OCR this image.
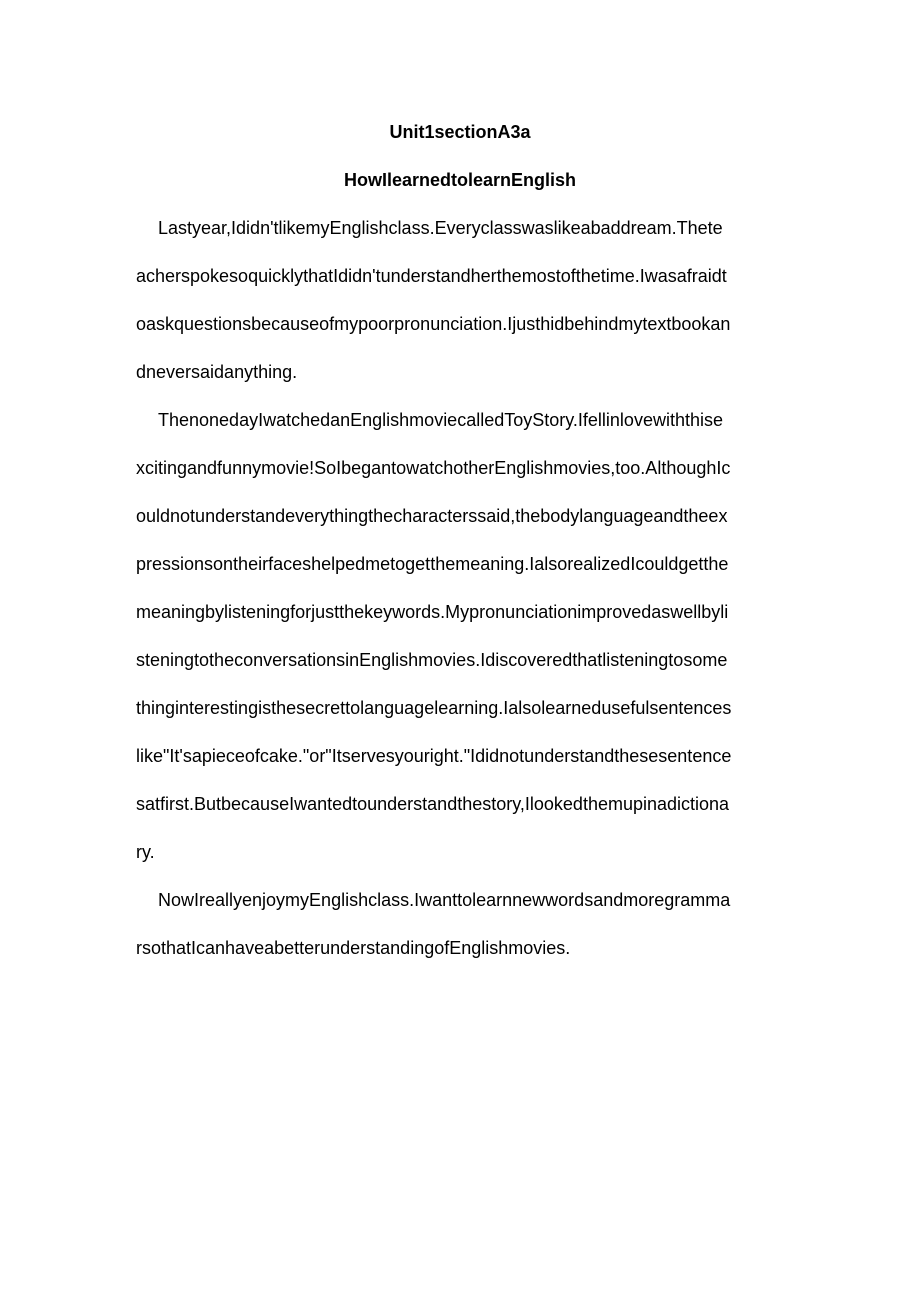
Unit1sectionA3a
HowIlearnedtolearnEnglish
Lastyear,Ididn'tlikemyEnglishclass.Everyclasswaslikeabaddream.Thete
acherspokesoquicklythatIdidn'tunderstandherthemostofthetime.Iwasafraidt
oaskquestionsbecauseofmypoorpronunciation.Ijusthidbehindmytextbookan
dneversaidanything.
ThenonedayIwatchedanEnglishmoviecalledToyStory.Ifellinlovewiththise
xcitingandfunnymovie!SoIbegantowatchotherEnglishmovies,too.AlthoughIc
ouldnotunderstandeverythingthecharacterssaid,thebodylanguageandtheex
pressionsontheirfaceshelpedmetogetthemeaning.IalsorealizedIcouldgetthe
meaningbylisteningforjustthekeywords.Mypronunciationimprovedaswellbyli
steningtotheconversationsinEnglishmovies.Idiscoveredthatlisteningtosome
thinginterestingisthesecrettolanguagelearning.Ialsolearnedusefulsentences
like"It'sapieceofcake."or"Itservesyouright."Ididnotunderstandthesesentence
satfirst.ButbecauseIwantedtounderstandthestory,Ilookedthemupinadictiona
ry.
NowIreallyenjoymyEnglishclass.Iwanttolearnnewwordsandmoregramma
rsothatIcanhaveabetterunderstandingofEnglishmovies.
